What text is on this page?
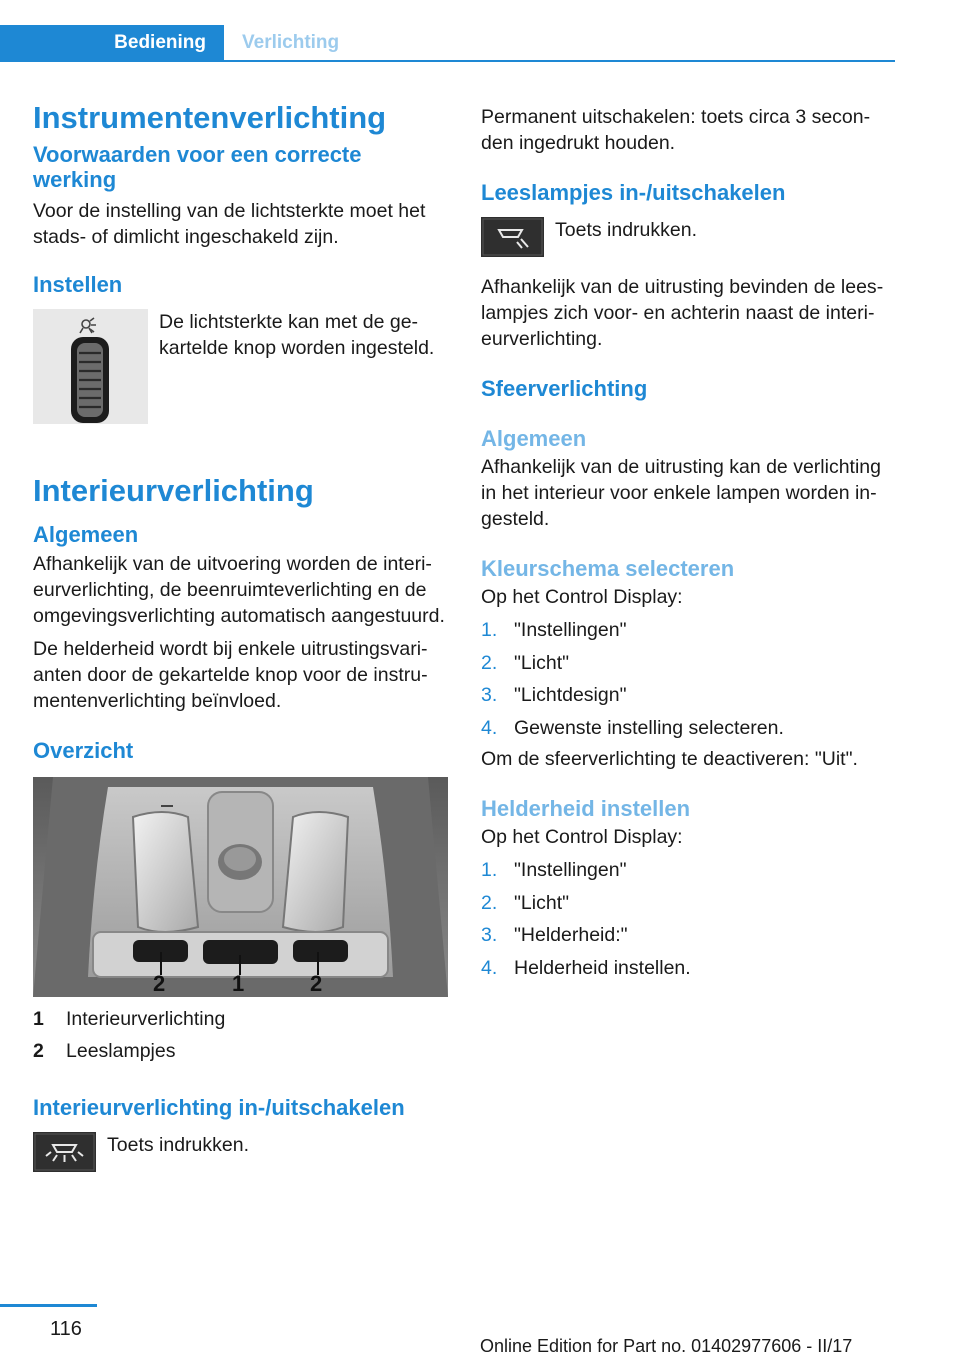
Bediening	Verlichting
Instrumentenverlichting
Voorwaarden voor een correcte werking

Voor de instelling van de lichtsterkte moet het stads- of dimlicht ingeschakeld zijn.

Instellen

De lichtsterkte kan met de gekartelde knop worden ingesteld.

Interieurverlichting
Algemeen

Afhankelijk van de uitvoering worden de interieurverlichting, de beenruimteverlichting en de omgevingsverlichting automatisch aangestuurd.

De helderheid wordt bij enkele uitrustingsvarianten door de gekartelde knop voor de instrumentenverlichting beïnvloed.

Overzicht
2	1	2
1	Interieurverlichting
2	Leeslampjes
Interieurverlichting in-/uitschakelen

Toets indrukken.

Permanent uitschakelen: toets circa 3 seconden ingedrukt houden.

Leeslampjes in-/uitschakelen

Toets indrukken.

Afhankelijk van de uitrusting bevinden de leeslampjes zich voor- en achterin naast de interieurverlichting.

Sfeerverlichting
Algemeen

Afhankelijk van de uitrusting kan de verlichting in het interieur voor enkele lampen worden ingesteld.

Kleurschema selecteren

Op het Control Display:

1. "Instellingen"
2. "Licht"
3. "Lichtdesign"
4. Gewenste instelling selecteren.

Om de sfeerverlichting te deactiveren: "Uit".

Helderheid instellen

Op het Control Display:

1. "Instellingen"
2. "Licht"
3. "Helderheid:"
4. Helderheid instellen.
116
Online Edition for Part no. 01402977606 - II/17
